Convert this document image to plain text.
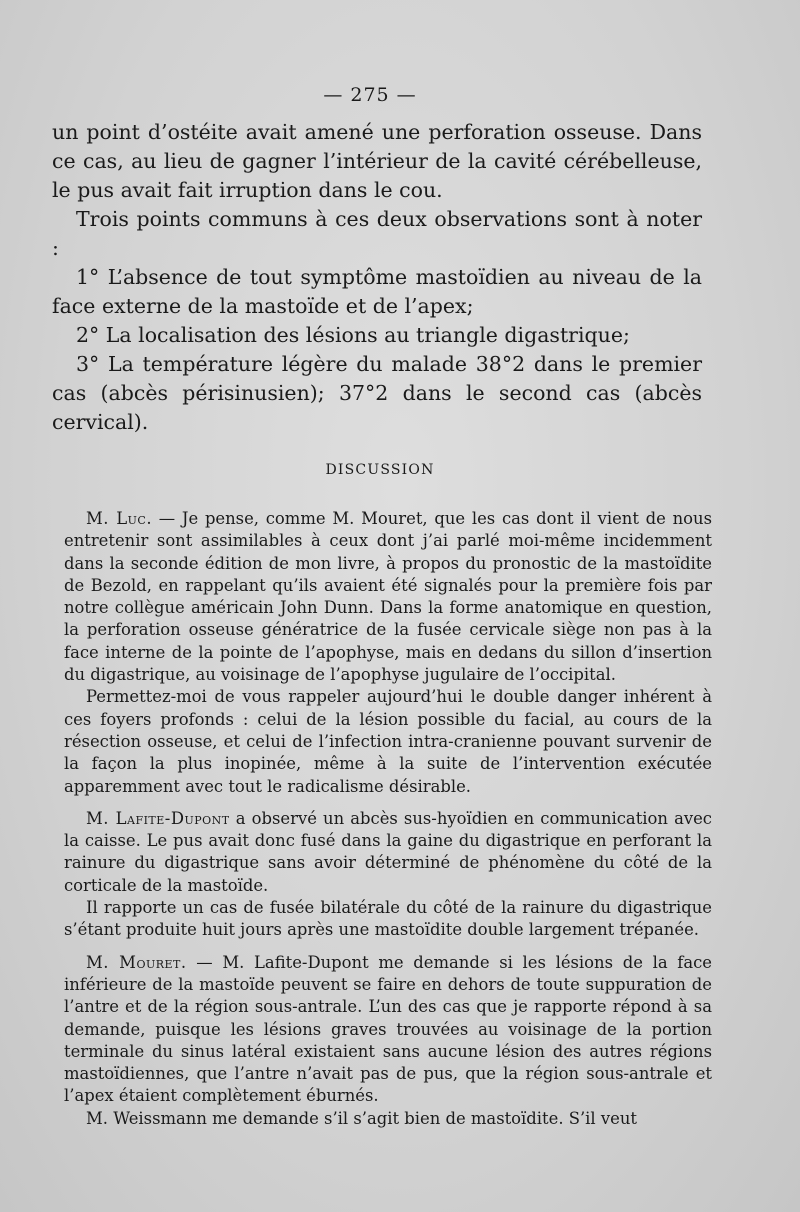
— 275 —

un point d’ostéite avait amené une perforation osseuse. Dans ce cas, au lieu de gagner l’intérieur de la cavité cérébelleuse, le pus avait fait irruption dans le cou.

Trois points communs à ces deux observations sont à noter :

1° L’absence de tout symptôme mastoïdien au niveau de la face externe de la mastoïde et de l’apex;

2° La localisation des lésions au triangle digastrique;

3° La température légère du malade 38°2 dans le premier cas (abcès périsinusien); 37°2 dans le second cas (abcès cervical).

DISCUSSION

M. Luc. — Je pense, comme M. Mouret, que les cas dont il vient de nous entretenir sont assimilables à ceux dont j’ai parlé moi-même incidemment dans la seconde édition de mon livre, à propos du pronostic de la mastoïdite de Bezold, en rappelant qu’ils avaient été signalés pour la première fois par notre collègue américain John Dunn. Dans la forme anatomique en question, la perforation osseuse génératrice de la fusée cervicale siège non pas à la face interne de la pointe de l’apophyse, mais en dedans du sillon d’insertion du digastrique, au voisinage de l’apophyse jugulaire de l’occipital.

Permettez-moi de vous rappeler aujourd’hui le double danger inhérent à ces foyers profonds : celui de la lésion possible du facial, au cours de la résection osseuse, et celui de l’infection intra-cranienne pouvant survenir de la façon la plus inopinée, même à la suite de l’intervention exécutée apparemment avec tout le radicalisme désirable.

M. Lafite-Dupont a observé un abcès sus-hyoïdien en communication avec la caisse. Le pus avait donc fusé dans la gaine du digastrique en perforant la rainure du digastrique sans avoir déterminé de phénomène du côté de la corticale de la mastoïde.

Il rapporte un cas de fusée bilatérale du côté de la rainure du digastrique s’étant produite huit jours après une mastoïdite double largement trépanée.

M. Mouret. — M. Lafite-Dupont me demande si les lésions de la face inférieure de la mastoïde peuvent se faire en dehors de toute suppuration de l’antre et de la région sous-antrale. L’un des cas que je rapporte répond à sa demande, puisque les lésions graves trouvées au voisinage de la portion terminale du sinus latéral existaient sans aucune lésion des autres régions mastoïdiennes, que l’antre n’avait pas de pus, que la région sous-antrale et l’apex étaient complètement éburnés.

M. Weissmann me demande s’il s’agit bien de mastoïdite. S’il veut
